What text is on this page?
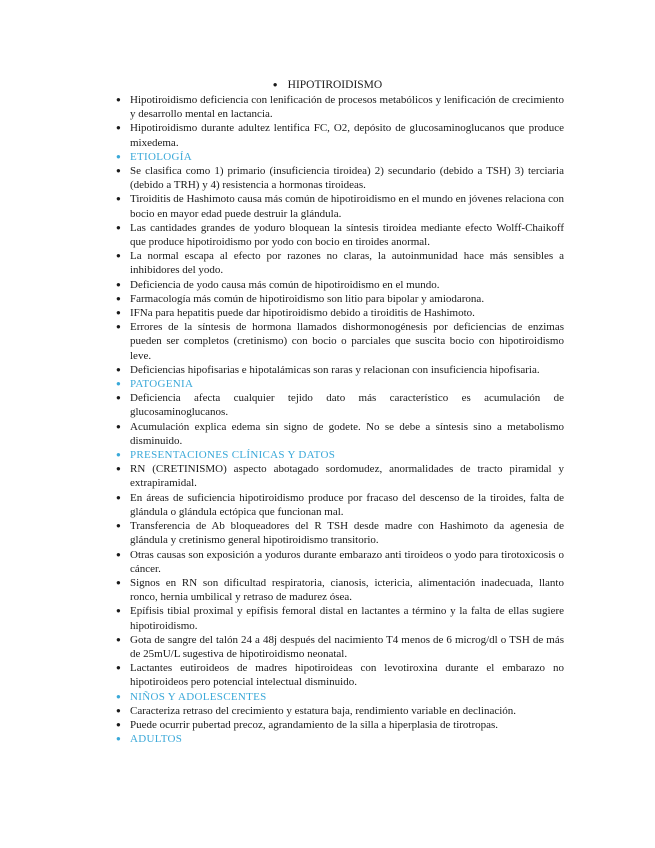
● HIPOTIROIDISMO
● Hipotiroidismo deficiencia con lenificación de procesos metabólicos y lenificación de crecimiento y desarrollo mental en lactancia.
● Hipotiroidismo durante adultez lentifica FC, O2, depósito de glucosaminoglucanos que produce mixedema.
● ETIOLOGÍA
● Se clasifica como 1) primario (insuficiencia tiroidea) 2) secundario (debido a TSH) 3) terciaria (debido a TRH) y 4) resistencia a hormonas tiroideas.
● Tiroiditis de Hashimoto causa más común de hipotiroidismo en el mundo en jóvenes relaciona con bocio en mayor edad puede destruir la glándula.
● Las cantidades grandes de yoduro bloquean la síntesis tiroidea mediante efecto Wolff-Chaikoff que produce hipotiroidismo por yodo con bocio en tiroides anormal.
● La normal escapa al efecto por razones no claras, la autoinmunidad hace más sensibles a inhibidores del yodo.
● Deficiencia de yodo causa más común de hipotiroidismo en el mundo.
● Farmacología más común de hipotiroidismo son litio para bipolar y amiodarona.
● IFNa para hepatitis puede dar hipotiroidismo debido a tiroiditis de Hashimoto.
● Errores de la síntesis de hormona llamados dishormonogénesis por deficiencias de enzimas pueden ser completos (cretinismo) con bocio o parciales que suscita bocio con hipotiroidismo leve.
● Deficiencias hipofisarias e hipotalámicas son raras y relacionan con insuficiencia hipofisaria.
● PATOGENIA
● Deficiencia afecta cualquier tejido dato más característico es acumulación de glucosaminoglucanos.
● Acumulación explica edema sin signo de godete. No se debe a síntesis sino a metabolismo disminuido.
● PRESENTACIONES CLÍNICAS Y DATOS
● RN (CRETINISMO) aspecto abotagado sordomudez, anormalidades de tracto piramidal y extrapiramidal.
● En áreas de suficiencia hipotiroidismo produce por fracaso del descenso de la tiroides, falta de glándula o glándula ectópica que funcionan mal.
● Transferencia de Ab bloqueadores del R TSH desde madre con Hashimoto da agenesia de glándula y cretinismo general hipotiroidismo transitorio.
● Otras causas son exposición a yoduros durante embarazo anti tiroideos o yodo para tirotoxicosis o cáncer.
● Signos en RN son dificultad respiratoria, cianosis, ictericia, alimentación inadecuada, llanto ronco, hernia umbilical y retraso de madurez ósea.
● Epífisis tibial proximal y epífisis femoral distal en lactantes a término y la falta de ellas sugiere hipotiroidismo.
● Gota de sangre del talón 24 a 48j después del nacimiento T4 menos de 6 microg/dl o TSH de más de 25mU/L sugestiva de hipotiroidismo neonatal.
● Lactantes eutiroideos de madres hipotiroideas con levotiroxina durante el embarazo no hipotiroideos pero potencial intelectual disminuido.
● NIÑOS Y ADOLESCENTES
● Caracteriza retraso del crecimiento y estatura baja, rendimiento variable en declinación.
● Puede ocurrir pubertad precoz, agrandamiento de la silla a hiperplasia de tirotropas.
● ADULTOS
